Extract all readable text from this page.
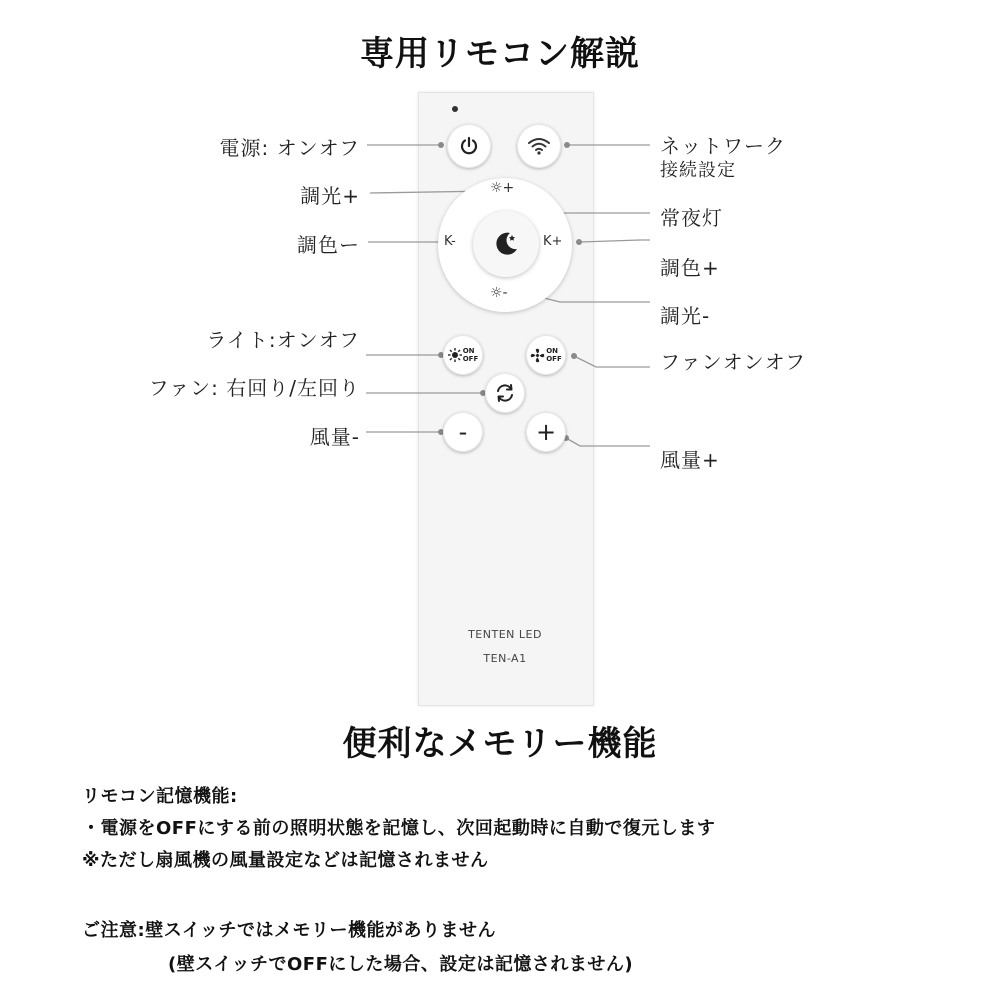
専用リモコン解説
☼+
☼-
K-	K+
ON
OFF
ON
OFF
-	+
TENTEN LED
TEN-A1
電源: オンオフ
調光+
調色ー
ライト:オンオフ
ファン: 右回り/左回り
風量-
ネットワーク
接続設定
常夜灯
調色+
調光-
ファンオンオフ
風量+
便利なメモリー機能
リモコン記憶機能:
・電源をOFFにする前の照明状態を記憶し、次回起動時に自動で復元します
※ただし扇風機の風量設定などは記憶されません
ご注意:壁スイッチではメモリー機能がありません
(壁スイッチでOFFにした場合、設定は記憶されません)
